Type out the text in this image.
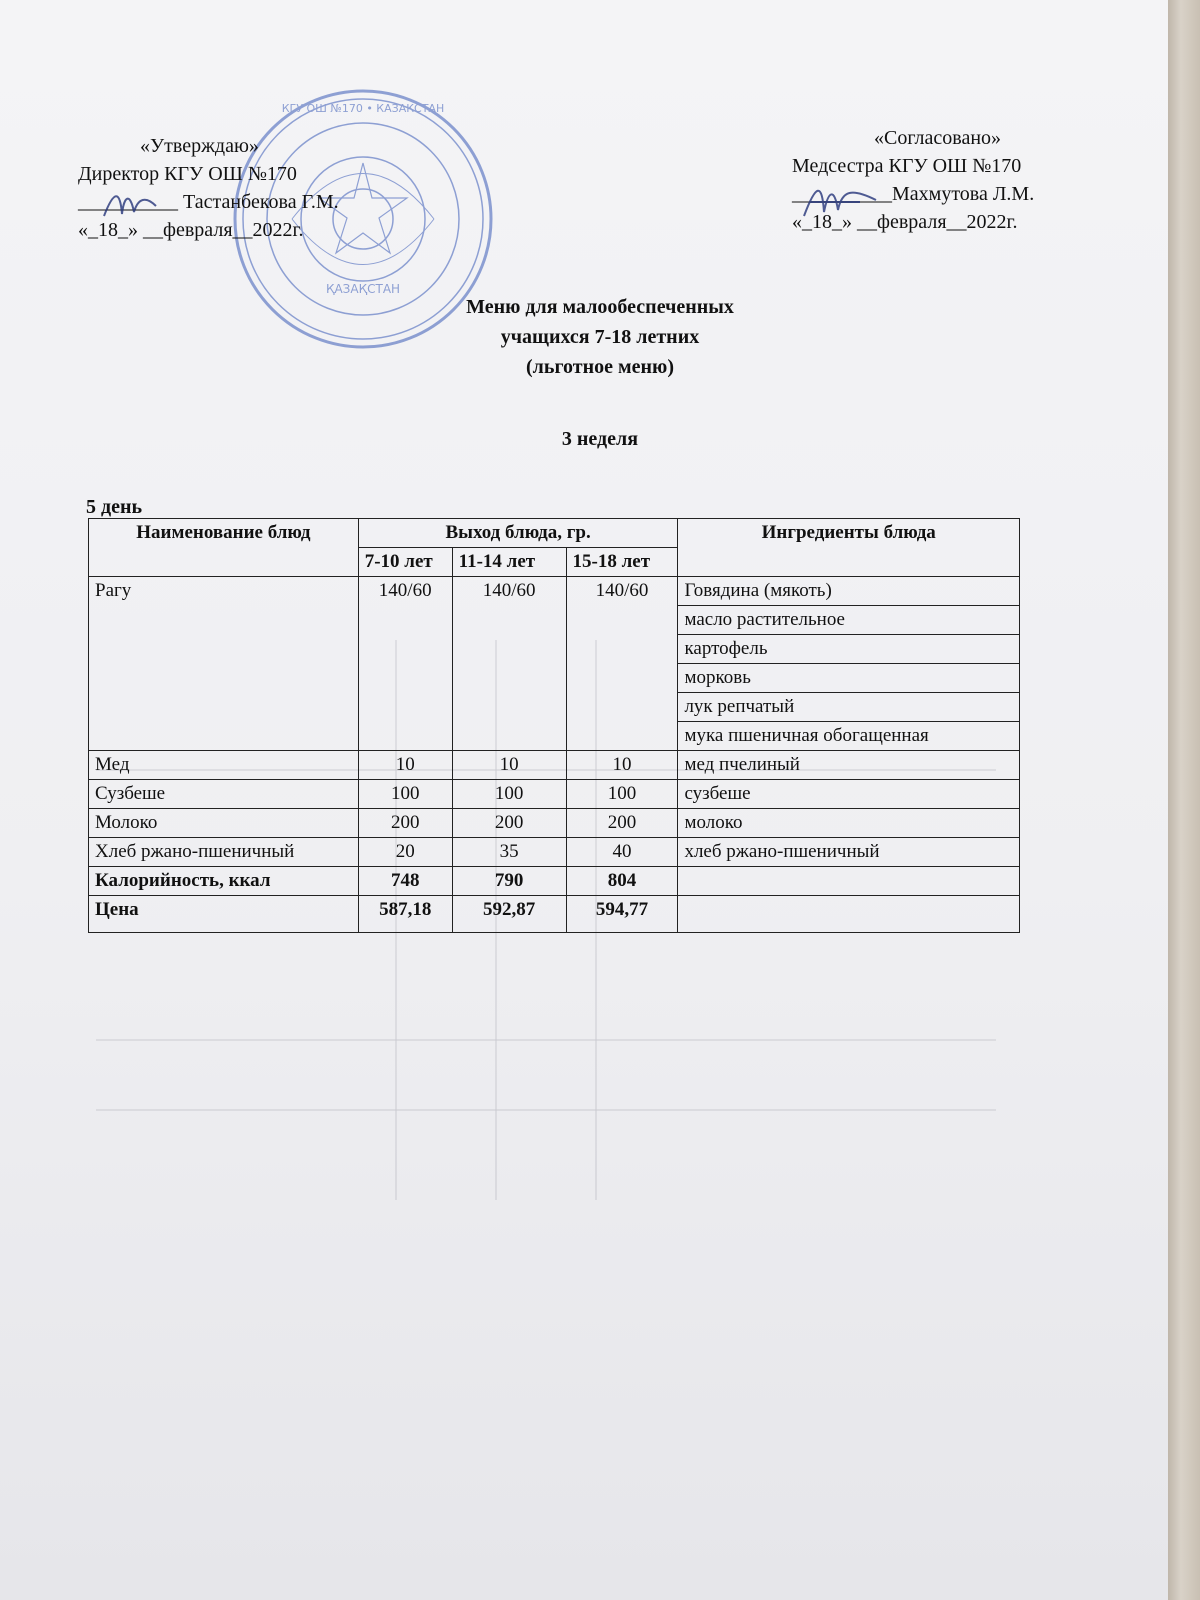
ҚАЗАҚСТАН
КГУ ОШ №170 • КАЗАКСТАН
«Утверждаю»
Директор КГУ ОШ №170
__________ Тастанбекова Г.М.
«_18_» __февраля__2022г.
«Согласовано»
Медсестра КГУ ОШ №170
__________Махмутова Л.М.
«_18_» __февраля__2022г.
Меню для малообеспеченных
учащихся 7-18 летних
(льготное меню)
3 неделя
5 день
Наименование блюд	Выход блюда, гр.			Ингредиенты блюда
	7-10 лет	11-14 лет	15-18 лет	
Рагу	140/60	140/60	140/60	Говядина (мякоть)
				масло растительное
				картофель
				морковь
				лук репчатый
				мука пшеничная обогащенная
Мед	10	10	10	мед пчелиный
Сузбеше	100	100	100	сузбеше
Молоко	200	200	200	молоко
Хлеб ржано-пшеничный	20	35	40	хлеб ржано-пшеничный
Калорийность, ккал	748	790	804	
Цена	587,18	592,87	594,77	
